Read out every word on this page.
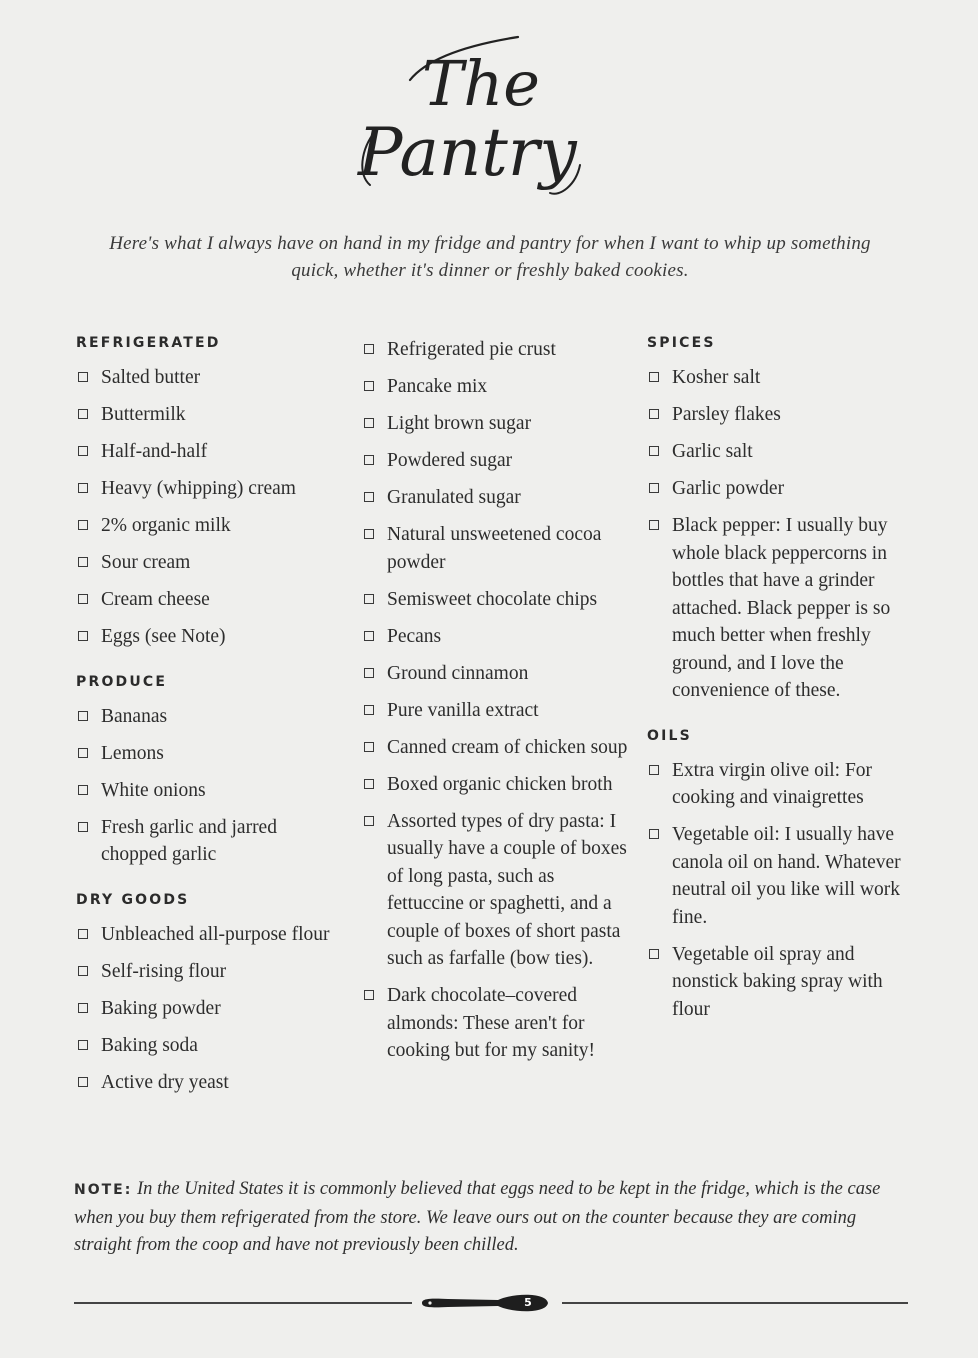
The
Pantry
Here's what I always have on hand in my fridge and pantry for when I want to whip up something quick, whether it's dinner or freshly baked cookies.
REFRIGERATED
Salted butter
Buttermilk
Half-and-half
Heavy (whipping) cream
2% organic milk
Sour cream
Cream cheese
Eggs (see Note)
PRODUCE
Bananas
Lemons
White onions
Fresh garlic and jarred chopped garlic
DRY GOODS
Unbleached all-purpose flour
Self-rising flour
Baking powder
Baking soda
Active dry yeast
Refrigerated pie crust
Pancake mix
Light brown sugar
Powdered sugar
Granulated sugar
Natural unsweetened cocoa powder
Semisweet chocolate chips
Pecans
Ground cinnamon
Pure vanilla extract
Canned cream of chicken soup
Boxed organic chicken broth
Assorted types of dry pasta: I usually have a couple of boxes of long pasta, such as fettuccine or spaghetti, and a couple of boxes of short pasta such as farfalle (bow ties).
Dark chocolate–covered almonds: These aren't for cooking but for my sanity!
SPICES
Kosher salt
Parsley flakes
Garlic salt
Garlic powder
Black pepper: I usually buy whole black peppercorns in bottles that have a grinder attached. Black pepper is so much better when freshly ground, and I love the convenience of these.
OILS
Extra virgin olive oil: For cooking and vinaigrettes
Vegetable oil: I usually have canola oil on hand. Whatever neutral oil you like will work fine.
Vegetable oil spray and nonstick baking spray with flour
NOTE: In the United States it is commonly believed that eggs need to be kept in the fridge, which is the case when you buy them refrigerated from the store. We leave ours out on the counter because they are coming straight from the coop and have not previously been chilled.
5
